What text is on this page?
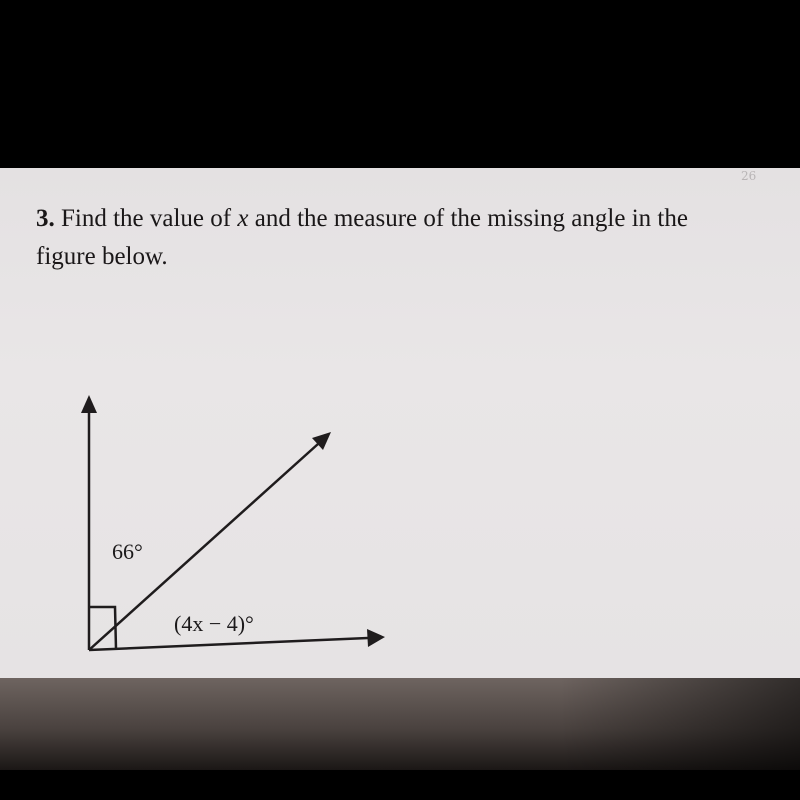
26
3. Find the value of x and the measure of the missing angle in the
figure below.
66°
(4x − 4)°
